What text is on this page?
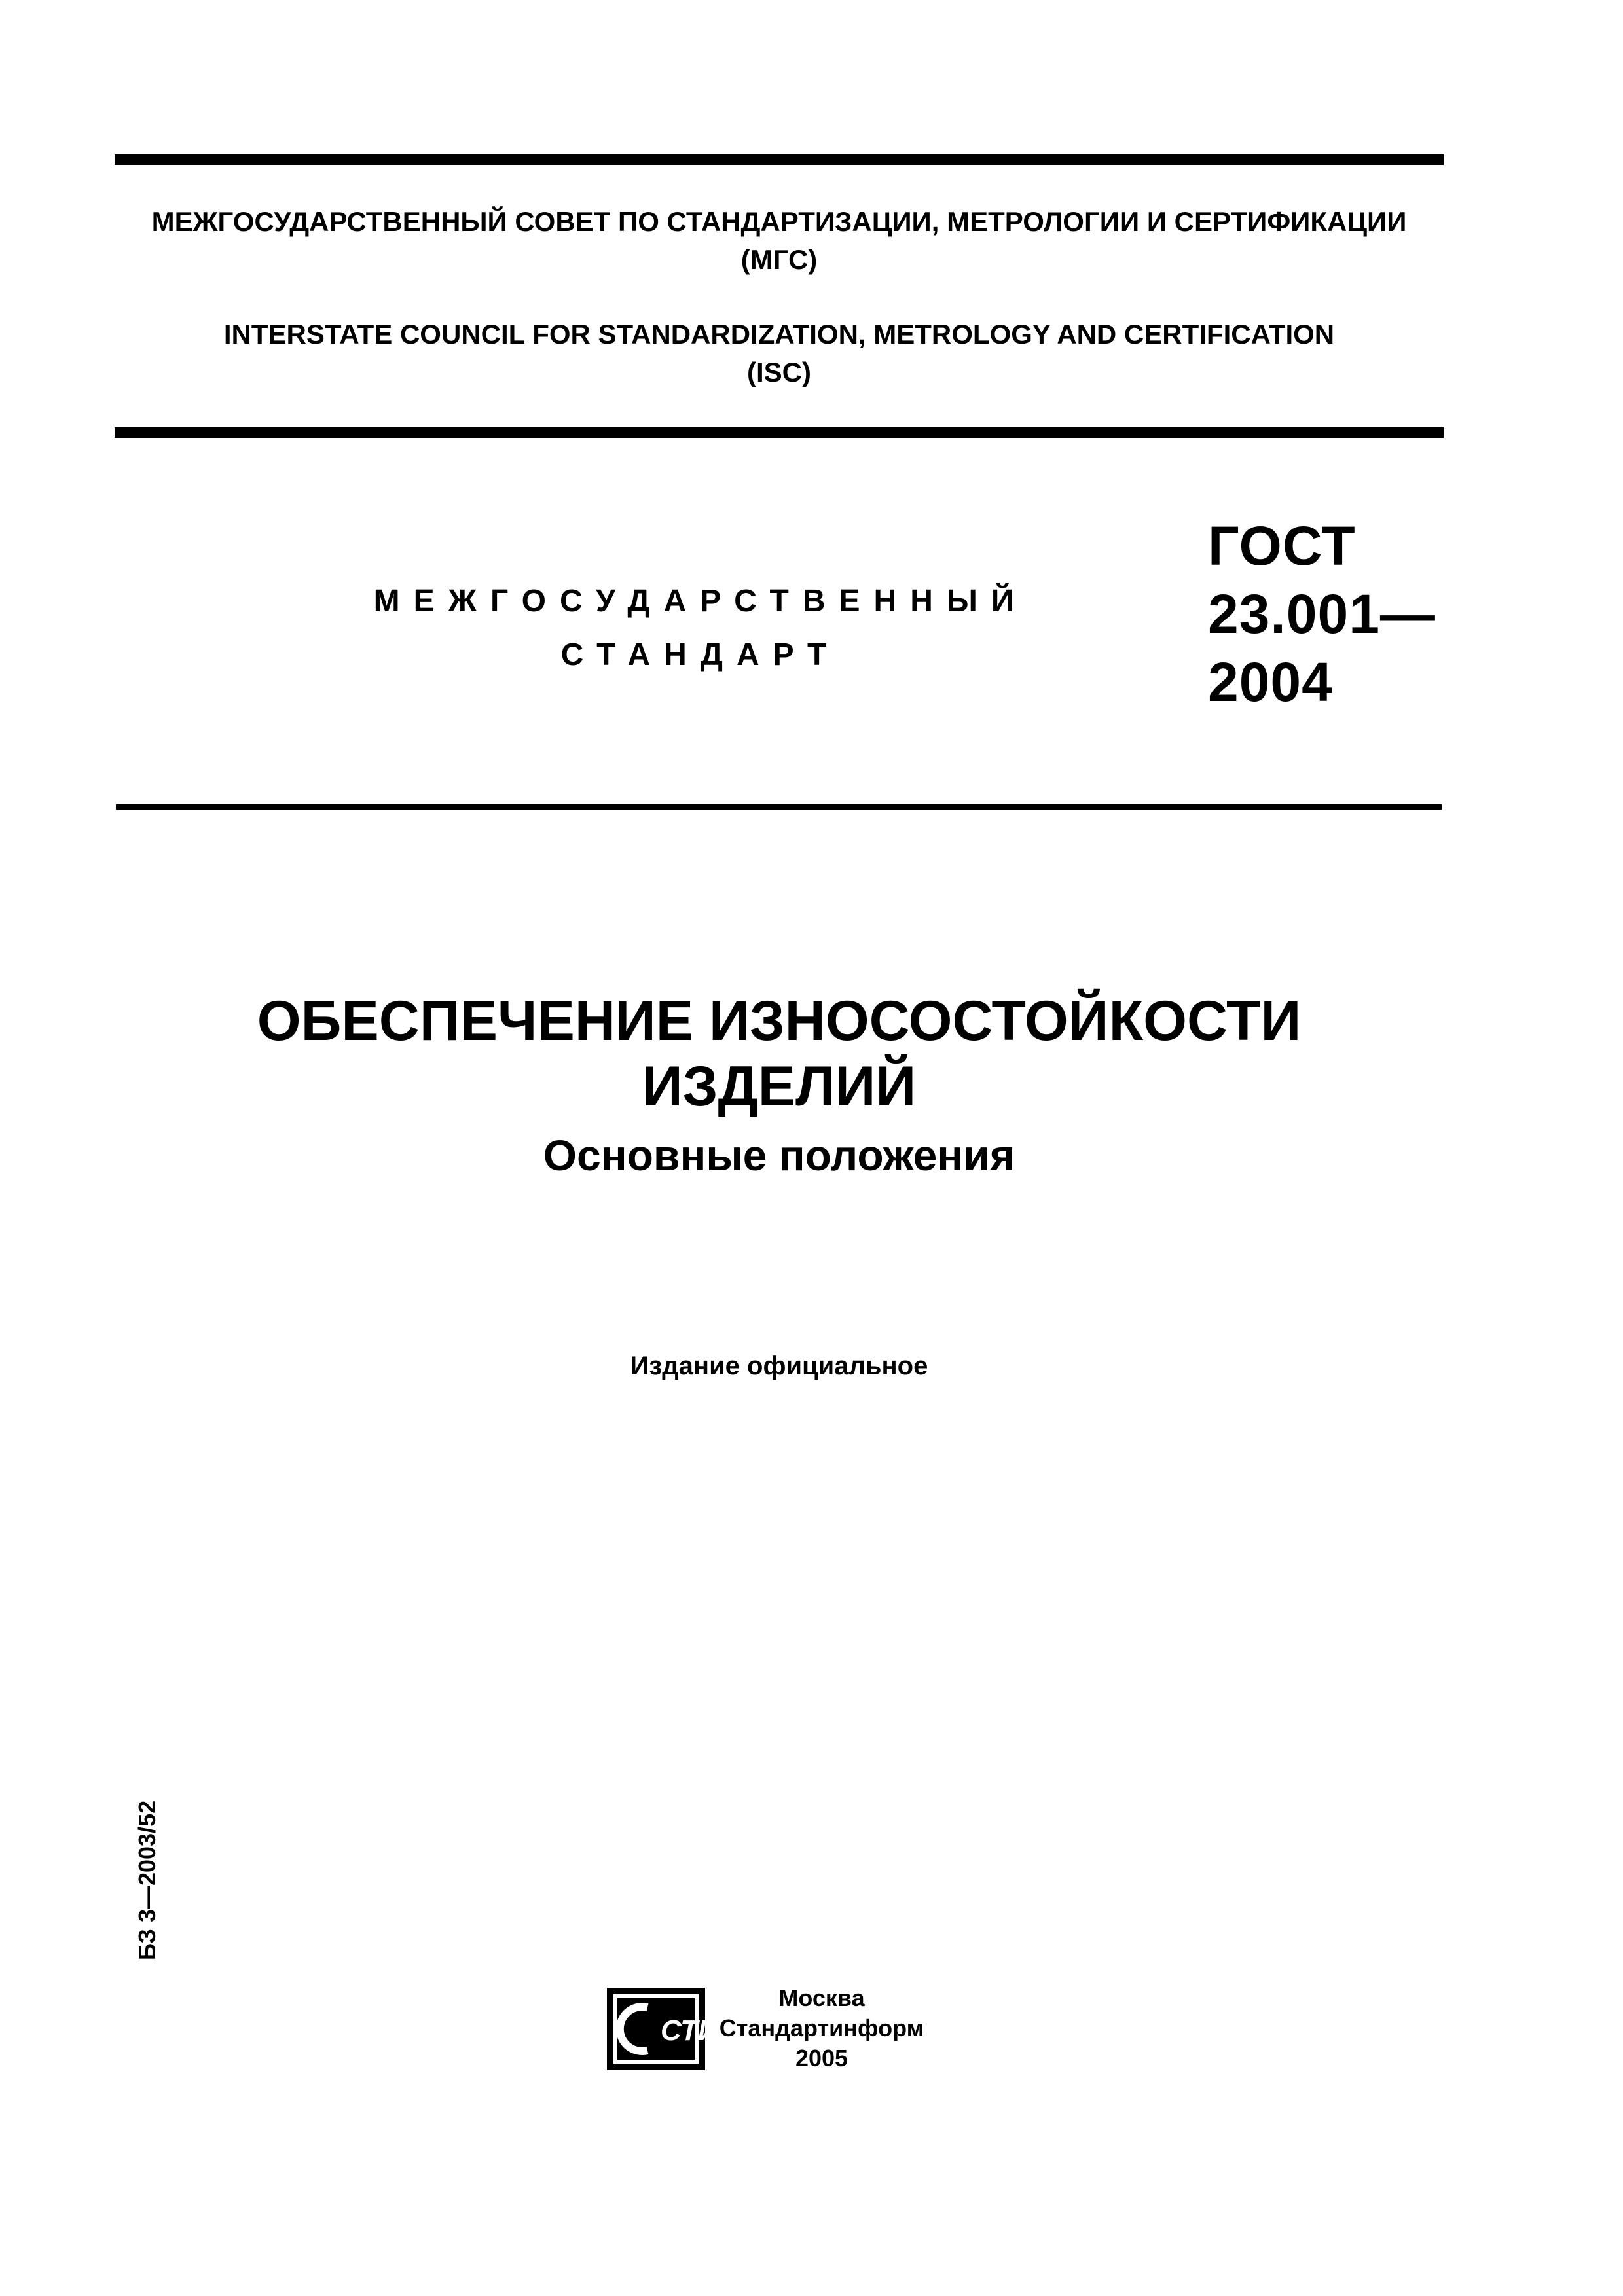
МЕЖГОСУДАРСТВЕННЫЙ СОВЕТ ПО СТАНДАРТИЗАЦИИ, МЕТРОЛОГИИ И СЕРТИФИКАЦИИ
(МГС)
INTERSTATE COUNCIL FOR STANDARDIZATION, METROLOGY AND CERTIFICATION
(ISC)
МЕЖГОСУДАРСТВЕННЫЙ
СТАНДАРТ
ГОСТ
23.001—
2004
ОБЕСПЕЧЕНИЕ ИЗНОСОСТОЙКОСТИ ИЗДЕЛИЙ
Основные положения
Издание официальное
БЗ 3—2003/52
СТИ
Москва
Стандартинформ
2005
